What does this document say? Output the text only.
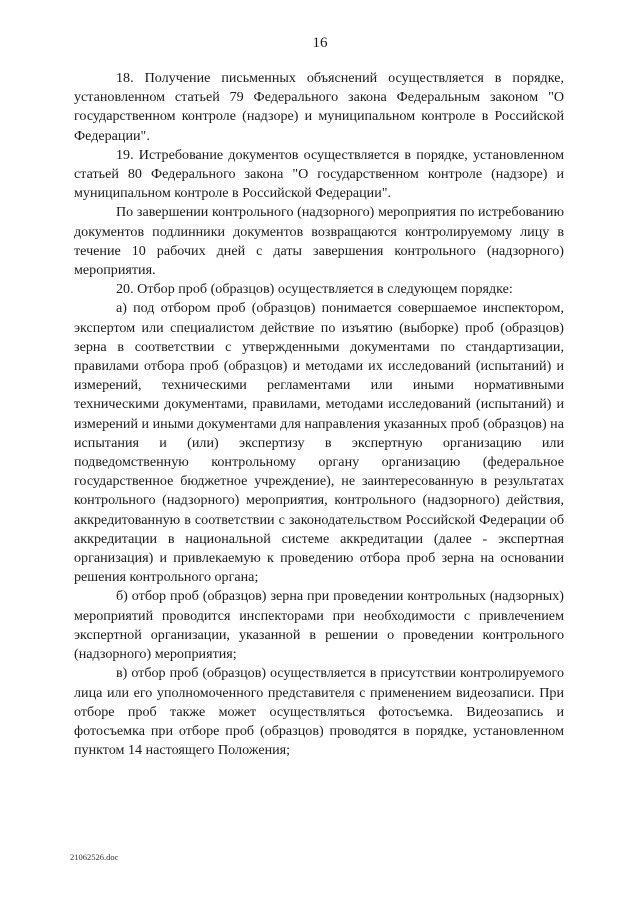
16

18. Получение письменных объяснений осуществляется в порядке, установленном статьей 79 Федерального закона Федеральным законом "О государственном контроле (надзоре) и муниципальном контроле в Российской Федерации".

19. Истребование документов осуществляется в порядке, установленном статьей 80 Федерального закона "О государственном контроле (надзоре) и муниципальном контроле в Российской Федерации".

По завершении контрольного (надзорного) мероприятия по истребованию документов подлинники документов возвращаются контролируемому лицу в течение 10 рабочих дней с даты завершения контрольного (надзорного) мероприятия.

20. Отбор проб (образцов) осуществляется в следующем порядке:

а) под отбором проб (образцов) понимается совершаемое инспектором, экспертом или специалистом действие по изъятию (выборке) проб (образцов) зерна в соответствии с утвержденными документами по стандартизации, правилами отбора проб (образцов) и методами их исследований (испытаний) и измерений, техническими регламентами или иными нормативными техническими документами, правилами, методами исследований (испытаний) и измерений и иными документами для направления указанных проб (образцов) на испытания и (или) экспертизу в экспертную организацию или подведомственную контрольному органу организацию (федеральное государственное бюджетное учреждение), не заинтересованную в результатах контрольного (надзорного) мероприятия, контрольного (надзорного) действия, аккредитованную в соответствии с законодательством Российской Федерации об аккредитации в национальной системе аккредитации (далее - экспертная организация) и привлекаемую к проведению отбора проб зерна на основании решения контрольного органа;

б) отбор проб (образцов) зерна при проведении контрольных (надзорных) мероприятий проводится инспекторами при необходимости с привлечением экспертной организации, указанной в решении о проведении контрольного (надзорного) мероприятия;

в) отбор проб (образцов) осуществляется в присутствии контролируемого лица или его уполномоченного представителя с применением видеозаписи. При отборе проб также может осуществляться фотосъемка. Видеозапись и фотосъемка при отборе проб (образцов) проводятся в порядке, установленном пунктом 14 настоящего Положения;

21062526.doc
